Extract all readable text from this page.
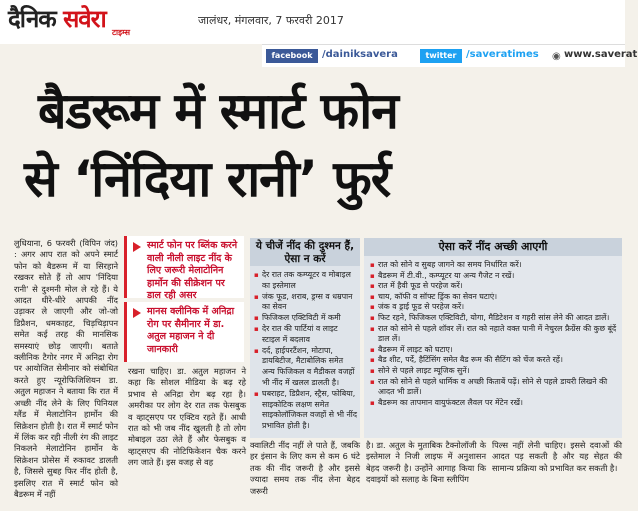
दैनिक सवेरा टाइम्स
जालंधर, मंगलवार, 7 फरवरी 2017
facebook /dainiksavera	twitter /saveratimes ◉ www.saverat
बैडरूम में स्मार्ट फोन
से ‘निंदिया रानी’ फुर्र
लुधियाना, 6 फरवरी (विपिन जंद) : अगर आप रात को अपने स्मार्ट फोन को बैडरूम में या सिरहाने रखकर सोते हैं तो आप 'निंदिया रानी' से दुश्मनी मोल ले रहे हैं। ये आदत धीरे-धीरे आपकी नींद उड़ाकर ले जाएगी और जो-जो डिप्रैशन, धमकाहट, चिड़चिड़ापन समेत कई तरह की मानसिक समस्याएं छोड़ जाएगी। बताते क्लीनिक टैगोर नगर में अनिद्रा रोग पर आयोजित सेमीनार को संबोधित करते हुए न्यूरोफिजिशियन डा. अतुल महाजन ने बताया कि रात में अच्छी नींद लेने के लिए पिनियल ग्लैंड में मेलाटोनिन हार्मोन की सिक्रेशन होती है। रात में स्मार्ट फोन में लिंक कर रही नीली रंग की लाइट निकलने मेलाटोनिन हार्मोन के सिक्रेशन प्रोसेस में रुकावट डालती है, जिससे सुबह फिर नींद होती है, इसलिए रात में स्मार्ट फोन को बैडरूम में नहीं
स्मार्ट फोन पर ब्लिंक करने वाली नीली लाइट नींद के लिए जरूरी मेलाटोनिन हार्मोन की सीक्रेशन पर डाल रही असर
मानस क्लीनिक में अनिद्रा रोग पर सैमीनार में डा. अतुल महाजन ने दी जानकारी
रखना चाहिए। डा. अतुल महाजन ने कहा कि सोशल मीडिया के बढ़ रहे प्रभाव से अनिद्रा रोग बढ़ रहा है। अमरीका पर लोग देर रात तक फेसबुक व व्हाट्सएप पर एक्टिव रहते हैं। आधी रात को भी जब नींद खुलती है तो लोग मोबाइल उठा लेते हैं और फेसबुक व व्हाट्सएप की नोटिफिकेशन चैक करने लग जाते हैं। इस वजह से वह
ये चीजें नींद की दुश्मन हैं, ऐसा न करें
▪ देर रात तक कम्प्यूटर व मोबाइल का इस्तेमाल
▪ जंक फूड, शराब, ड्रग्स व धम्रपान का सेवन
▪ फिजिकल एक्टिविटी में कमी
▪ देर रात की पार्टियां व लाइट स्टाइल में बदलाव
▪ दर्द, हाईपरटैंशन, मोटापा, डायबिटीज, मैटाबोलिक समेत अन्य फिजिकल व मैडीकल वजहों भी नींद में खलल डालती है।
▪ घबराहट, डिप्रैशन, स्ट्रैस, फोबिया, साइकोटिक लक्षण समेत साइकोलॉजिकल वजहों से भी नींद प्रभावित होती है।
क्वालिटी नींद नहीं ले पाते हैं, जबकि हर इंसान के लिए कम से कम 6 घंटे तक की नींद जरूरी है और इससे ज्यादा समय तक नींद लेना बेहद जरूरी
ऐसा करें नींद अच्छी आएगी
▪ रात को सोने व सुबह जागने का समय निर्धारित करें।
▪ बैडरूम में टी.वी., कम्प्यूटर या अन्य गैजेट न रखें।
▪ रात में हैवी फूड से परहेज करें।
▪ चाय, कॉफी व सॉफ्ट ड्रिंक का सेवन घटाएं।
▪ जंक व ड्राई फूड से परहेज करें।
▪ फिट रहने, फिजिकल एक्टिविटी, योगा, मैडिटेशन व गहरी सांस लेने की आदत डालें।
▪ रात को सोने से पहले शॉवर लें। रात को नहाते वक्त पानी में नेचुरल फ्रैग्रेंस की कुछ बूंदें डाल लें।
▪ बैडरूम में लाइट को घटाए।
▪ बैड शीट, पर्दे, हैटिंसिंग समेत बैड रूम की सैटिंग को चेंज करते रहें।
▪ सोने से पहले लाइट म्यूजिक सुनें।
▪ रात को सोने से पहले धार्मिक व अच्छी किताबें पढ़ें। सोने से पहले डायरी लिखने की आदत भी डालें।
▪ बैडरूम का तापमान वायुफंक्टल लैवल पर मेंटेन रखें।
है। डा. अतुल के मुताबिक टैक्नोलॉजी के इस्तेमाल ने निजी लाइफ में अनुशासन बेहद जरूरी है। उन्होंने आगाह किया कि दवाइयों को सलाह के बिना स्लीपिंग
पिल्स नहीं लेनी चाहिए। इससे दवाओं की आदत पड़ सकती है और यह सेहत की सामान्य प्रक्रिया को प्रभावित कर सकती है।
